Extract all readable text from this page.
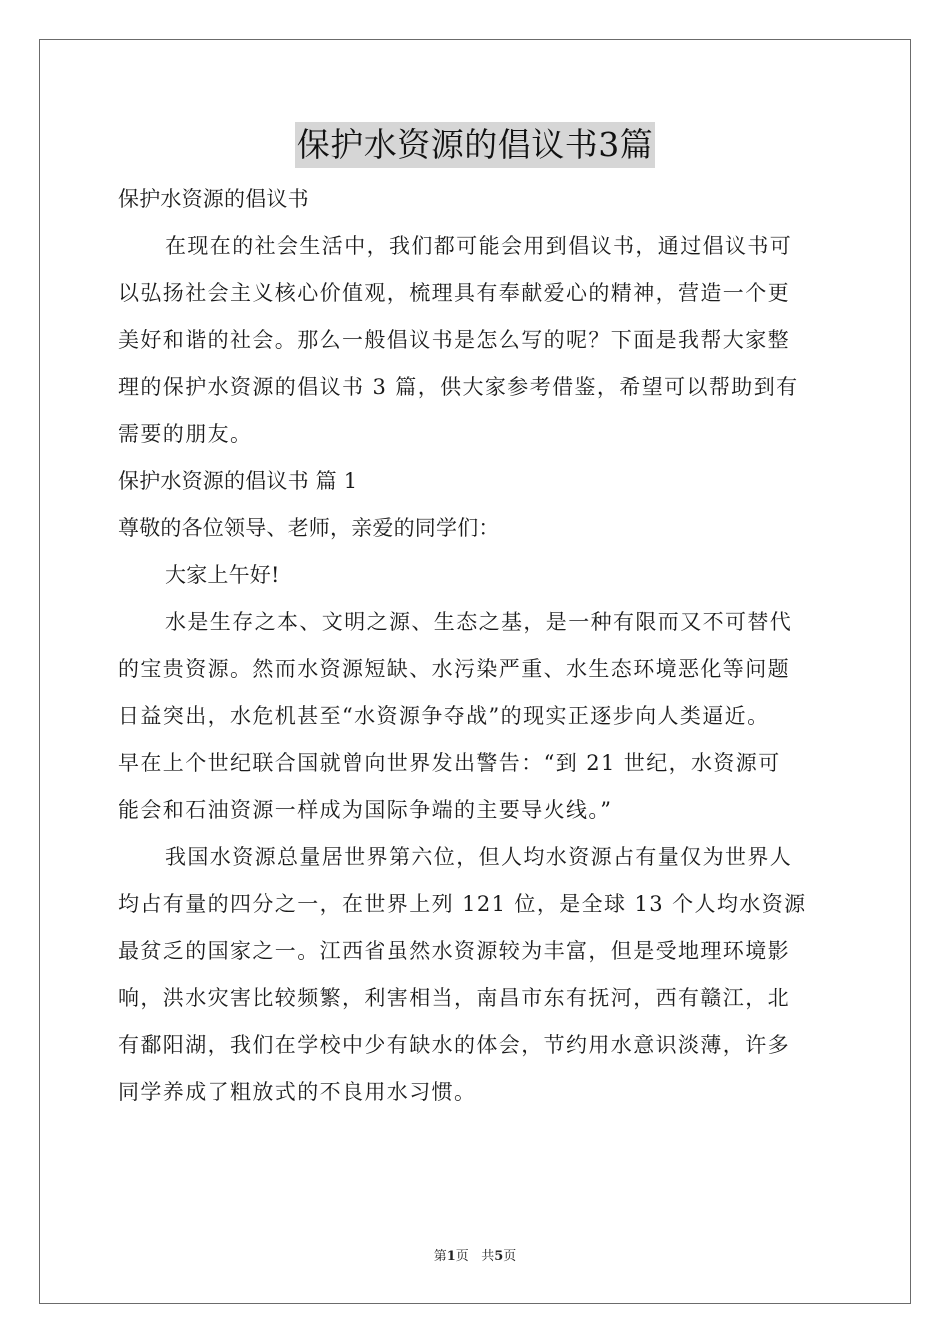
保护水资源的倡议书3篇
保护水资源的倡议书
在现在的社会生活中，我们都可能会用到倡议书，通过倡议书可
以弘扬社会主义核心价值观，梳理具有奉献爱心的精神，营造一个更
美好和谐的社会。那么一般倡议书是怎么写的呢？下面是我帮大家整
理的保护水资源的倡议书 3 篇，供大家参考借鉴，希望可以帮助到有
需要的朋友。
保护水资源的倡议书 篇 1
尊敬的各位领导、老师，亲爱的同学们：
大家上午好!
水是生存之本、文明之源、生态之基，是一种有限而又不可替代
的宝贵资源。然而水资源短缺、水污染严重、水生态环境恶化等问题
日益突出，水危机甚至“水资源争夺战”的现实正逐步向人类逼近。
早在上个世纪联合国就曾向世界发出警告：“到 21 世纪，水资源可
能会和石油资源一样成为国际争端的主要导火线。”
我国水资源总量居世界第六位，但人均水资源占有量仅为世界人
均占有量的四分之一，在世界上列 121 位，是全球 13 个人均水资源
最贫乏的国家之一。江西省虽然水资源较为丰富，但是受地理环境影
响，洪水灾害比较频繁，利害相当，南昌市东有抚河，西有赣江，北
有鄱阳湖，我们在学校中少有缺水的体会，节约用水意识淡薄，许多
同学养成了粗放式的不良用水习惯。
第1页   共5页
